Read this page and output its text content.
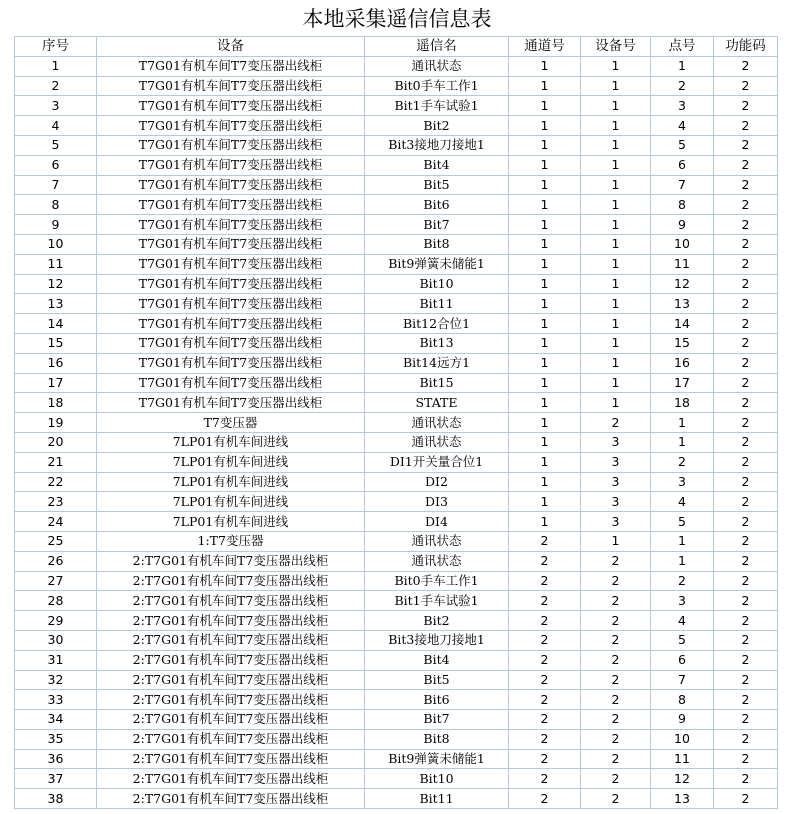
本地采集遥信信息表
序号	设备	遥信名	通道号	设备号	点号	功能码
1	T7G01有机车间T7变压器出线柜	通讯状态	1	1	1	2
2	T7G01有机车间T7变压器出线柜	Bit0手车工作1	1	1	2	2
3	T7G01有机车间T7变压器出线柜	Bit1手车试验1	1	1	3	2
4	T7G01有机车间T7变压器出线柜	Bit2	1	1	4	2
5	T7G01有机车间T7变压器出线柜	Bit3接地刀接地1	1	1	5	2
6	T7G01有机车间T7变压器出线柜	Bit4	1	1	6	2
7	T7G01有机车间T7变压器出线柜	Bit5	1	1	7	2
8	T7G01有机车间T7变压器出线柜	Bit6	1	1	8	2
9	T7G01有机车间T7变压器出线柜	Bit7	1	1	9	2
10	T7G01有机车间T7变压器出线柜	Bit8	1	1	10	2
11	T7G01有机车间T7变压器出线柜	Bit9弹簧未储能1	1	1	11	2
12	T7G01有机车间T7变压器出线柜	Bit10	1	1	12	2
13	T7G01有机车间T7变压器出线柜	Bit11	1	1	13	2
14	T7G01有机车间T7变压器出线柜	Bit12合位1	1	1	14	2
15	T7G01有机车间T7变压器出线柜	Bit13	1	1	15	2
16	T7G01有机车间T7变压器出线柜	Bit14远方1	1	1	16	2
17	T7G01有机车间T7变压器出线柜	Bit15	1	1	17	2
18	T7G01有机车间T7变压器出线柜	STATE	1	1	18	2
19	T7变压器	通讯状态	1	2	1	2
20	7LP01有机车间进线	通讯状态	1	3	1	2
21	7LP01有机车间进线	DI1开关量合位1	1	3	2	2
22	7LP01有机车间进线	DI2	1	3	3	2
23	7LP01有机车间进线	DI3	1	3	4	2
24	7LP01有机车间进线	DI4	1	3	5	2
25	1:T7变压器	通讯状态	2	1	1	2
26	2:T7G01有机车间T7变压器出线柜	通讯状态	2	2	1	2
27	2:T7G01有机车间T7变压器出线柜	Bit0手车工作1	2	2	2	2
28	2:T7G01有机车间T7变压器出线柜	Bit1手车试验1	2	2	3	2
29	2:T7G01有机车间T7变压器出线柜	Bit2	2	2	4	2
30	2:T7G01有机车间T7变压器出线柜	Bit3接地刀接地1	2	2	5	2
31	2:T7G01有机车间T7变压器出线柜	Bit4	2	2	6	2
32	2:T7G01有机车间T7变压器出线柜	Bit5	2	2	7	2
33	2:T7G01有机车间T7变压器出线柜	Bit6	2	2	8	2
34	2:T7G01有机车间T7变压器出线柜	Bit7	2	2	9	2
35	2:T7G01有机车间T7变压器出线柜	Bit8	2	2	10	2
36	2:T7G01有机车间T7变压器出线柜	Bit9弹簧未储能1	2	2	11	2
37	2:T7G01有机车间T7变压器出线柜	Bit10	2	2	12	2
38	2:T7G01有机车间T7变压器出线柜	Bit11	2	2	13	2
